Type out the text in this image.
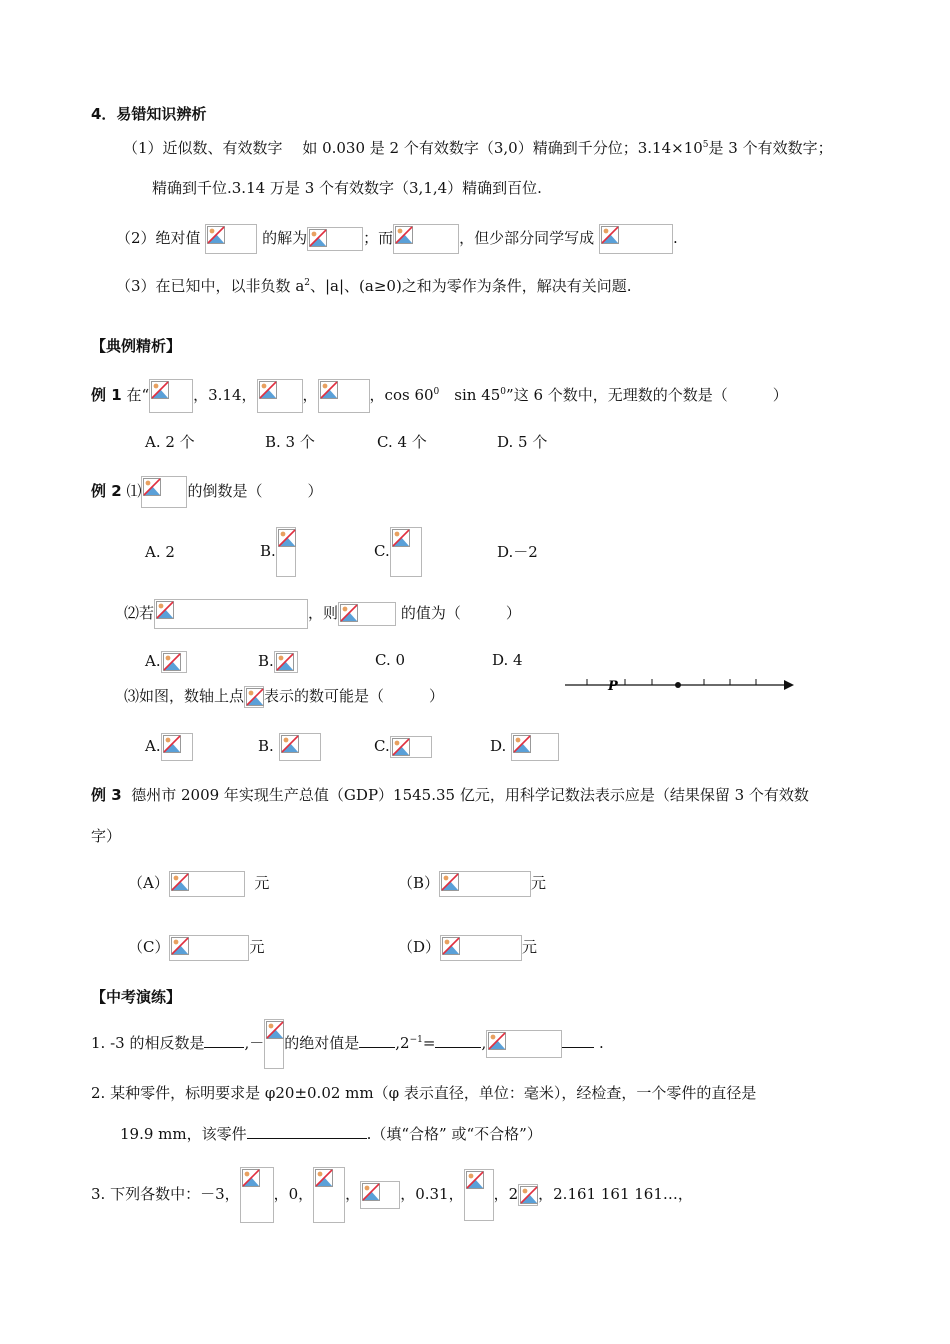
4．易错知识辨析
（1）近似数、有效数字　 如 0.030 是 2 个有效数字（3,0）精确到千分位；$3.14\times 10^5$是 3 个有效数字；
精确到千位.3.14 万是 3 个有效数字（3,1,4）精确到百位.
（2）绝对值	的解为	；而	，但少部分同学写成	.
（3）在已知中，以非负数 $a^2$、|a|、(a≥0)之和为零作为条件，解决有关问题.
【典例精析】
例 1 在“	，3.14，	，	，$\cos 60^0$　$\sin 45^0$”这 6 个数中，无理数的个数是（　　　）
A. 2 个	B. 3 个	C. 4 个	D. 5 个
例 2 ⑴	的倒数是（　　　）
A. 2	B.	C.	D.－2
⑵若	，则	的值为（　　　）
A.	B.	C. 0	D. 4
⑶如图，数轴上点 表示的数可能是（　　　）
P
A.	B.	C.	D.
例 3 德州市 2009 年实现生产总值（GDP）1545.35 亿元，用科学记数法表示应是（结果保留 3 个有效数
字）
（A）	元	（B）	元
（C）	元	（D）	元
【中考演练】
1. -3 的相反数是	,－ 的绝对值是 $,2^{-1}=$	,	.
2. 某种零件，标明要求是 φ20±0.02 mm（φ 表示直径，单位：毫米），经检查，一个零件的直径是
19.9 mm，该零件	.（填“合格” 或“不合格”）
3. 下列各数中：－3， ，0， ，	，0.31， ，2 ，2.161 161 161…，
